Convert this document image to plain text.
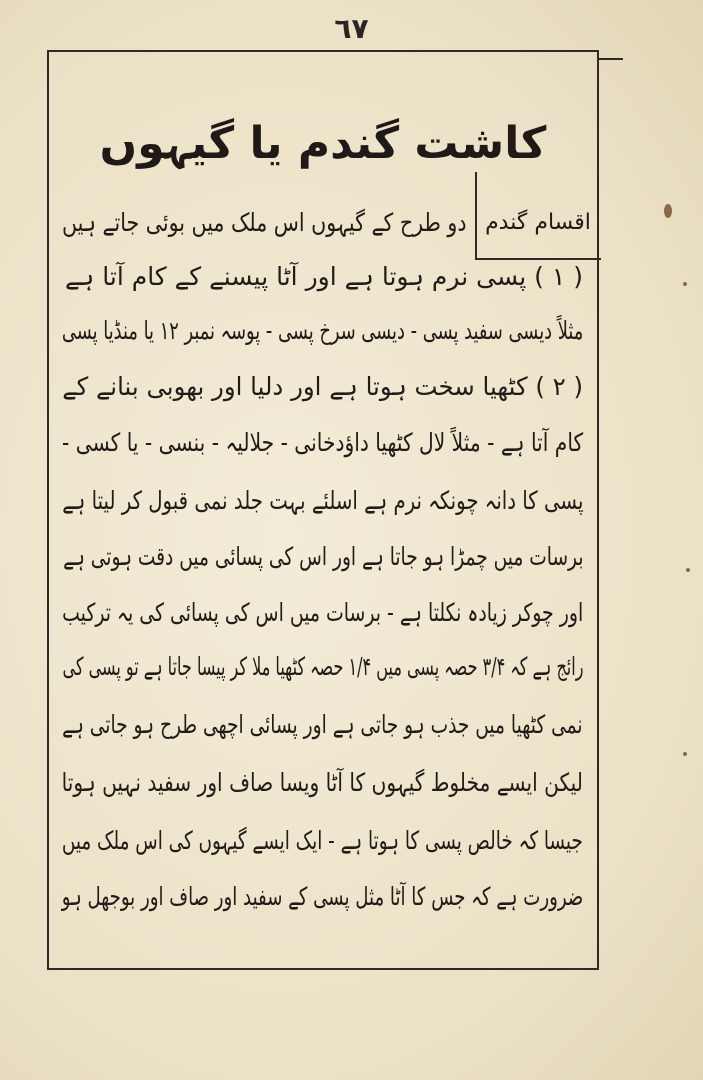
٦٧
کاشت گندم یا گیہوں
اقسام گندم
دو طرح کے گیہوں اس ملک میں بوئی جاتے ہیں
( ۱ ) پسی نرم ہوتا ہے اور آٹا پیسنے کے کام آتا ہے
مثلاً دیسی سفید پسی - دیسی سرخ پسی - پوسہ نمبر ۱۲ یا منڈیا پسی
( ۲ ) کٹھیا سخت ہوتا ہے اور دلیا اور بھوبی بنانے کے
کام آتا ہے - مثلاً لال کٹھیا داؤدخانی - جلالیہ - بنسی - یا کسی -
پسی کا دانہ چونکہ نرم ہے اسلئے بہت جلد نمی قبول کر لیتا ہے
برسات میں چمڑا ہو جاتا ہے اور اس کی پسائی میں دقت ہوتی ہے
اور چوکر زیادہ نکلتا ہے - برسات میں اس کی پسائی کی یہ ترکیب
رائج ہے کہ ۳/۴ حصہ پسی میں ۱/۴ حصہ کٹھیا ملا کر پیسا جاتا ہے تو پسی کی
نمی کٹھیا میں جذب ہو جاتی ہے اور پسائی اچھی طرح ہو جاتی ہے
لیکن ایسے مخلوط گیہوں کا آٹا ویسا صاف اور سفید نہیں ہوتا
جیسا کہ خالص پسی کا ہوتا ہے - ایک ایسے گیہوں کی اس ملک میں
ضرورت ہے کہ جس کا آٹا مثل پسی کے سفید اور صاف اور بوجھل ہو
